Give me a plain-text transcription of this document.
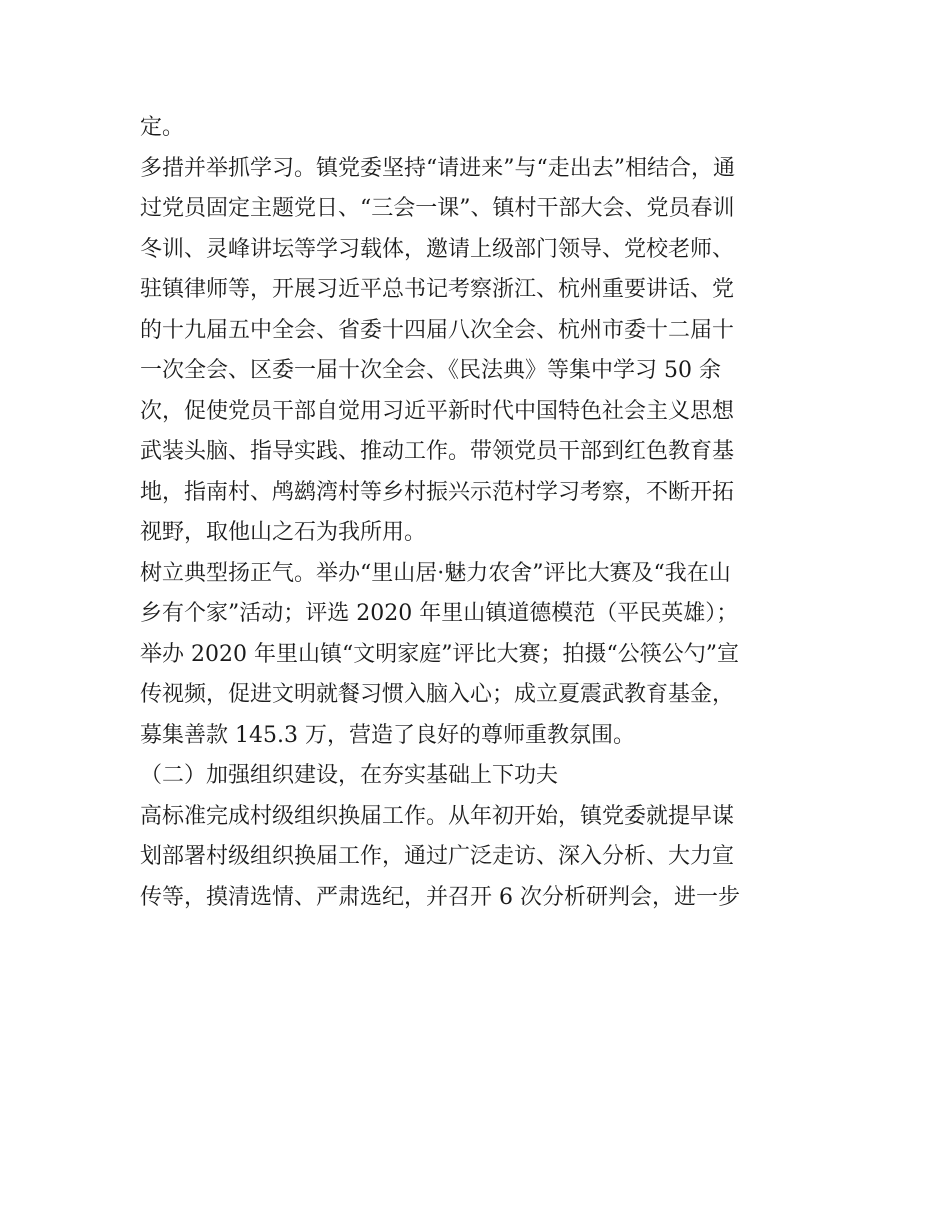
定。
多措并举抓学习。镇党委坚持“请进来”与“走出去”相结合，通
过党员固定主题党日、“三会一课”、镇村干部大会、党员春训
冬训、灵峰讲坛等学习载体，邀请上级部门领导、党校老师、
驻镇律师等，开展习近平总书记考察浙江、杭州重要讲话、党
的十九届五中全会、省委十四届八次全会、杭州市委十二届十
一次全会、区委一届十次全会、《民法典》等集中学习 50 余
次，促使党员干部自觉用习近平新时代中国特色社会主义思想
武装头脑、指导实践、推动工作。带领党员干部到红色教育基
地，指南村、鸬鹚湾村等乡村振兴示范村学习考察，不断开拓
视野，取他山之石为我所用。
树立典型扬正气。举办“里山居·魅力农舍”评比大赛及“我在山
乡有个家”活动；评选 2020 年里山镇道德模范（平民英雄）；
举办 2020 年里山镇“文明家庭”评比大赛；拍摄“公筷公勺”宣
传视频，促进文明就餐习惯入脑入心；成立夏震武教育基金，
募集善款 145.3 万，营造了良好的尊师重教氛围。
（二）加强组织建设，在夯实基础上下功夫
高标准完成村级组织换届工作。从年初开始，镇党委就提早谋
划部署村级组织换届工作，通过广泛走访、深入分析、大力宣
传等，摸清选情、严肃选纪，并召开 6 次分析研判会，进一步
